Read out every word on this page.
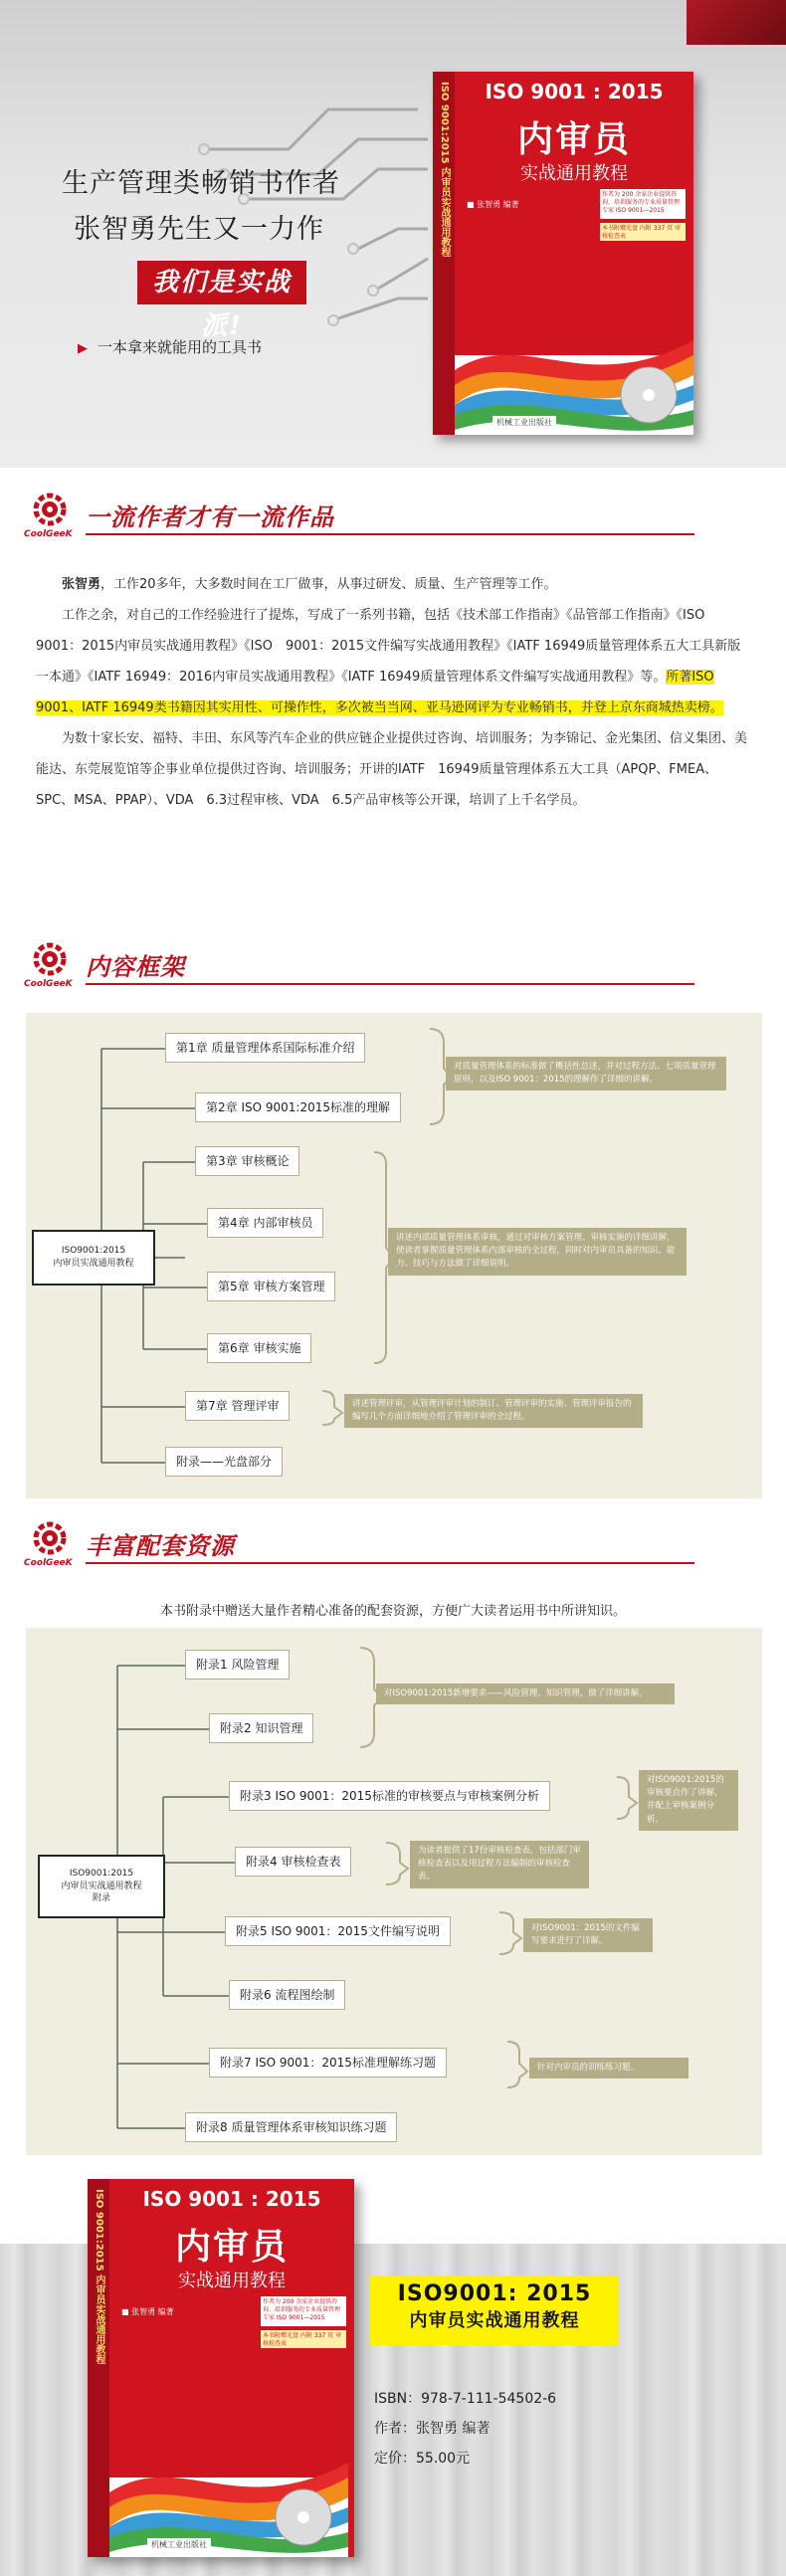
生产管理类畅销书作者
张智勇先生又一力作
我们是实战派!
▶ 一本拿来就能用的工具书
ISO 9001:2015 内审员实战通用教程	ISO 9001 : 2015
内审员
实战通用教程
■ 张智勇 编著
作者为 200 余家企业提供咨询、培训服务的专业质量管理专家 ISO 9001—2015
本书附赠光盘 内附 337 页 审核检查表
机械工业出版社
CoolGeeK
一流作者才有一流作品

张智勇，工作20多年，大多数时间在工厂做事，从事过研发、质量、生产管理等工作。

工作之余，对自己的工作经验进行了提炼，写成了一系列书籍，包括《技术部工作指南》《品管部工作指南》《ISO　9001：2015内审员实战通用教程》《ISO　9001：2015文件编写实战通用教程》《IATF 16949质量管理体系五大工具新版一本通》《IATF 16949：2016内审员实战通用教程》《IATF 16949质量管理体系文件编写实战通用教程》等。所著ISO 9001、IATF 16949类书籍因其实用性、可操作性，多次被当当网、亚马逊网评为专业畅销书，并登上京东商城热卖榜。

为数十家长安、福特、丰田、东风等汽车企业的供应链企业提供过咨询、培训服务；为李锦记、金光集团、信义集团、美能达、东莞展览馆等企事业单位提供过咨询、培训服务；开讲的IATF　16949质量管理体系五大工具（APQP、FMEA、SPC、MSA、PPAP）、VDA　6.3过程审核、VDA　6.5产品审核等公开课，培训了上千名学员。

CoolGeeK
内容框架
ISO9001:2015
内审员实战通用教程
第1章 质量管理体系国际标准介绍
第2章 ISO 9001:2015标准的理解
第3章 审核概论
第4章 内部审核员
第5章 审核方案管理
第6章 审核实施
第7章 管理评审
附录——光盘部分
对质量管理体系的标准做了概括性总述，并对过程方法、七项质量管理原则，以及ISO 9001：2015的理解作了详细的讲解。
讲述内部质量管理体系审核，通过对审核方案管理、审核实施的详细讲解，使读者掌握质量管理体系内部审核的全过程，同时对内审员具备的知识、能力、技巧与方法做了详细说明。
讲述管理评审，从管理评审计划的制订、管理评审的实施、管理评审报告的编写几个方面详细地介绍了管理评审的全过程。
CoolGeeK
丰富配套资源
本书附录中赠送大量作者精心准备的配套资源，方便广大读者运用书中所讲知识。
ISO9001:2015
内审员实战通用教程
附录
附录1 风险管理
附录2 知识管理
附录3 ISO 9001：2015标准的审核要点与审核案例分析
附录4 审核检查表
附录5 ISO 9001：2015文件编写说明
附录6 流程图绘制
附录7 ISO 9001：2015标准理解练习题
附录8 质量管理体系审核知识练习题
对ISO9001:2015新增要求——风险管理、知识管理，做了详细讲解。
对ISO9001:2015的审核要点作了讲解，并配上审核案例分析。
为读者提供了17份审核检查表，包括部门审核检查表以及用过程方法编制的审核检查表。
对ISO9001：2015的文件编写要求进行了详解。
针对内审员的训练练习题。
ISO 9001:2015 内审员实战通用教程	ISO 9001 : 2015
内审员
实战通用教程
■ 张智勇 编著
作者为 200 余家企业提供咨询、培训服务的专业质量管理专家 ISO 9001—2015
本书附赠光盘 内附 337 页 审核检查表
机械工业出版社
ISO9001: 2015
内审员实战通用教程
ISBN：978-7-111-54502-6
作者：张智勇 编著
定价：55.00元
